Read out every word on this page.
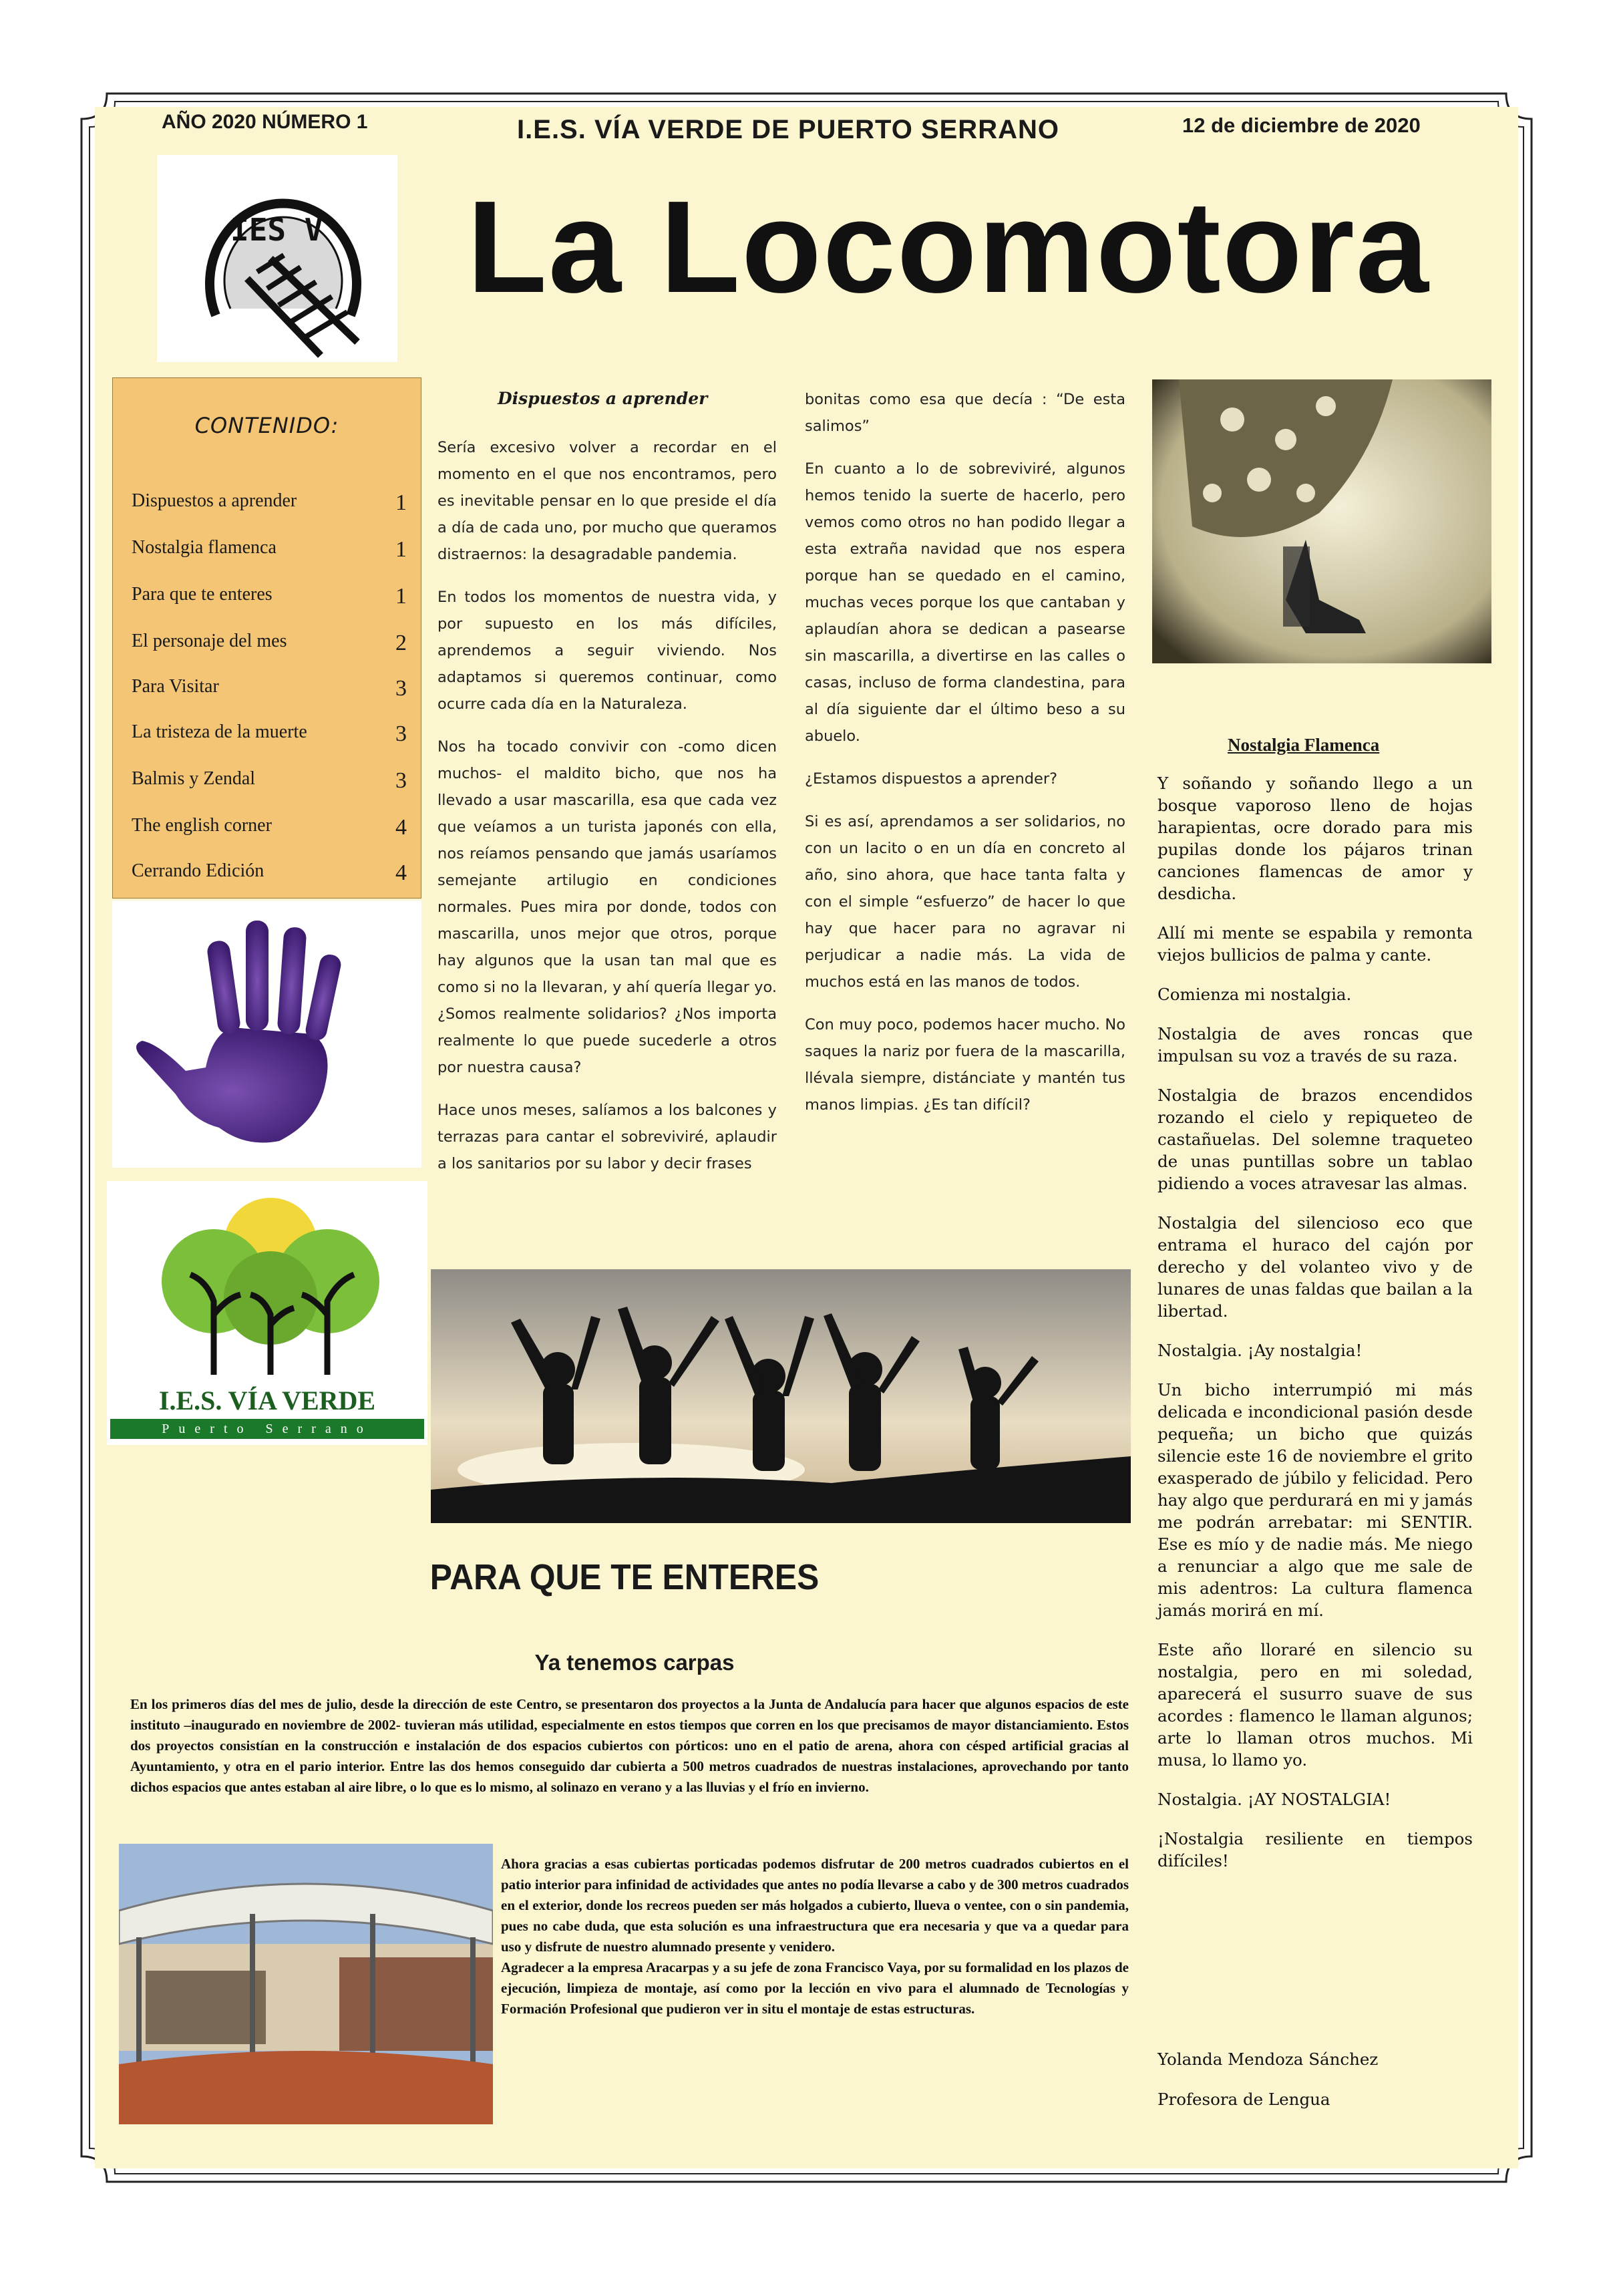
AÑO 2020 NÚMERO 1	I.E.S. VÍA VERDE DE PUERTO SERRANO	12 de diciembre de 2020
IES V La Locomotora
CONTENIDO:
Dispuestos a aprender	1
Nostalgia flamenca	1
Para que te enteres	1
El personaje del mes	2
Para Visitar	3
La tristeza de la muerte	3
Balmis y Zendal	3
The english corner	4
Cerrando Edición	4
I.E.S. VÍA VERDE
Puerto Serrano
Dispuestos a aprender

Sería excesivo volver a recordar en el momento en el que nos encontramos, pero es inevitable pensar en lo que preside el día a día de cada uno, por mucho que queramos distraernos: la desagradable pandemia.

En todos los momentos de nuestra vida, y por supuesto en los más difíciles, aprendemos a seguir viviendo. Nos adaptamos si queremos continuar, como ocurre cada día en la Naturaleza.

Nos ha tocado convivir con -como dicen muchos- el maldito bicho, que nos ha llevado a usar mascarilla, esa que cada vez que veíamos a un turista japonés con ella, nos reíamos pensando que jamás usaríamos semejante artilugio en condiciones normales. Pues mira por donde, todos con mascarilla, unos mejor que otros, porque hay algunos que la usan tan mal que es como si no la llevaran, y ahí quería llegar yo. ¿Somos realmente solidarios? ¿Nos importa realmente lo que puede sucederle a otros por nuestra causa?

Hace unos meses, salíamos a los balcones y terrazas para cantar el sobreviviré, aplaudir a los sanitarios por su labor y decir frases

bonitas como esa que decía : “De esta salimos”

En cuanto a lo de sobreviviré, algunos hemos tenido la suerte de hacerlo, pero vemos como otros no han podido llegar a esta extraña navidad que nos espera porque han se quedado en el camino, muchas veces porque los que cantaban y aplaudían ahora se dedican a pasearse sin mascarilla, a divertirse en las calles o casas, incluso de forma clandestina, para al día siguiente dar el último beso a su abuelo.

¿Estamos dispuestos a aprender?

Si es así, aprendamos a ser solidarios, no con un lacito o en un día en concreto al año, sino ahora, que hace tanta falta y con el simple “esfuerzo” de hacer lo que hay que hacer para no agravar ni perjudicar a nadie más. La vida de muchos está en las manos de todos.

Con muy poco, podemos hacer mucho. No saques la nariz por fuera de la mascarilla, llévala siempre, distánciate y mantén tus manos limpias. ¿Es tan difícil?

Nostalgia Flamenca

Y soñando y soñando llego a un bosque vaporoso lleno de hojas harapientas, ocre dorado para mis pupilas donde los pájaros trinan canciones flamencas de amor y desdicha.

Allí mi mente se espabila y remonta viejos bullicios de palma y cante.

Comienza mi nostalgia.

Nostalgia de aves roncas que impulsan su voz a través de su raza.

Nostalgia de brazos encendidos rozando el cielo y repiqueteo de castañuelas. Del solemne traqueteo de unas puntillas sobre un tablao pidiendo a voces atravesar las almas.

Nostalgia del silencioso eco que entrama el huraco del cajón por derecho y del volanteo vivo y de lunares de unas faldas que bailan a la libertad.

Nostalgia. ¡Ay nostalgia!

Un bicho interrumpió mi más delicada e incondicional pasión desde pequeña; un bicho que quizás silencie este 16 de noviembre el grito exasperado de júbilo y felicidad. Pero hay algo que perdurará en mi y jamás me podrán arrebatar: mi SENTIR. Ese es mío y de nadie más. Me niego a renunciar a algo que me sale de mis adentros: La cultura flamenca jamás morirá en mí.

Este año lloraré en silencio su nostalgia, pero en mi soledad, aparecerá el susurro suave de sus acordes : flamenco le llaman algunos; arte lo llaman otros muchos. Mi musa, lo llamo yo.

Nostalgia. ¡AY NOSTALGIA!

¡Nostalgia resiliente en tiempos difíciles!

Yolanda Mendoza Sánchez
Profesora de Lengua
PARA QUE TE ENTERES
Ya tenemos carpas

En los primeros días del mes de julio, desde la dirección de este Centro, se presentaron dos proyectos a la Junta de Andalucía para hacer que algunos espacios de este instituto –inaugurado en noviembre de 2002- tuvieran más utilidad, especialmente en estos tiempos que corren en los que precisamos de mayor distanciamiento. Estos dos proyectos consistían en la construcción e instalación de dos espacios cubiertos con pórticos: uno en el patio de arena, ahora con césped artificial gracias al Ayuntamiento, y otra en el pario interior. Entre las dos hemos conseguido dar cubierta a 500 metros cuadrados de nuestras instalaciones, aprovechando por tanto dichos espacios que antes estaban al aire libre, o lo que es lo mismo, al solinazo en verano y a las lluvias y el frío en invierno.

Ahora gracias a esas cubiertas porticadas podemos disfrutar de 200 metros cuadrados cubiertos en el patio interior para infinidad de actividades que antes no podía llevarse a cabo y de 300 metros cuadrados en el exterior, donde los recreos pueden ser más holgados a cubierto, llueva o ventee, con o sin pandemia, pues no cabe duda, que esta solución es una infraestructura que era necesaria y que va a quedar para uso y disfrute de nuestro alumnado presente y venidero.

Agradecer a la empresa Aracarpas y a su jefe de zona Francisco Vaya, por su formalidad en los plazos de ejecución, limpieza de montaje, así como por la lección en vivo para el alumnado de Tecnologías y Formación Profesional que pudieron ver in situ el montaje de estas estructuras.
